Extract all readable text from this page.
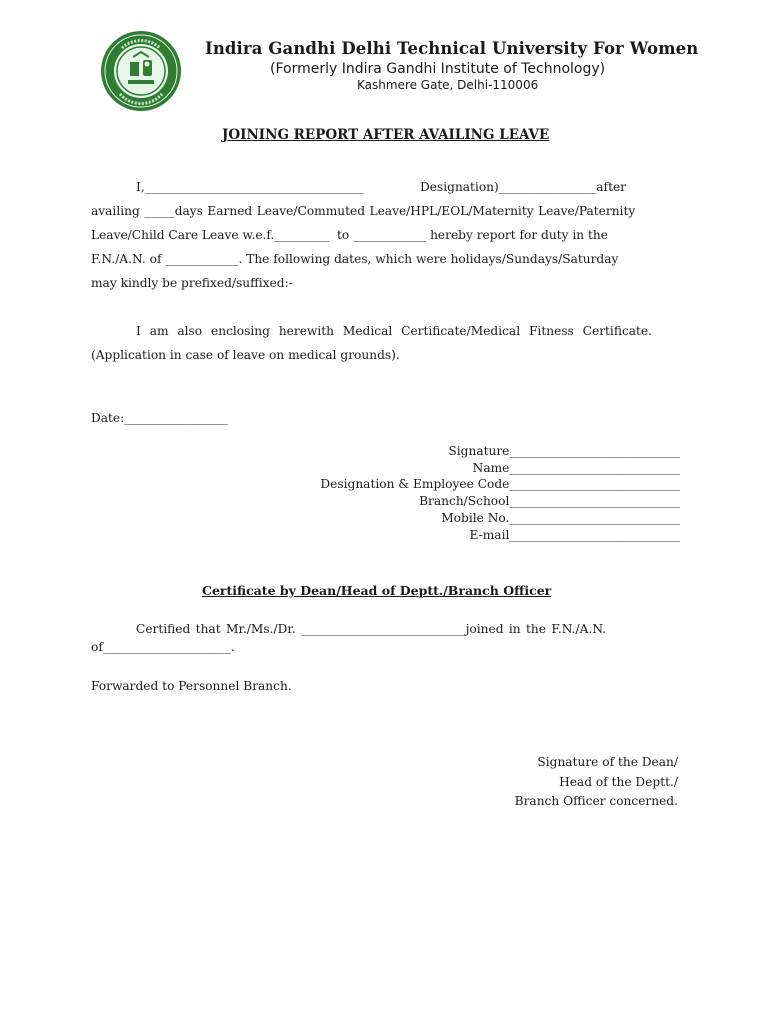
Indira Gandhi Delhi Technical University For Women
(Formerly Indira Gandhi Institute of Technology)
Kashmere Gate, Delhi-110006
JOINING REPORT AFTER AVAILING LEAVE
I,____________________________________	Designation)________________after
availing _____days Earned Leave/Commuted Leave/HPL/EOL/Maternity Leave/Paternity
Leave/Child Care Leave w.e.f._________  to ____________ hereby report for duty in the
F.N./A.N. of ____________. The following dates, which were holidays/Sundays/Saturday
may kindly be prefixed/suffixed:-
I am also enclosing herewith Medical Certificate/Medical Fitness Certificate.
(Application in case of leave on medical grounds).
Date:_________________
Signature____________________________
Name____________________________
Designation & Employee Code____________________________
Branch/School____________________________
Mobile No.____________________________
E-mail____________________________
Certificate by Dean/Head of Deptt./Branch Officer
Certified that Mr./Ms./Dr. ___________________________joined in the F.N./A.N.
of_____________________.
Forwarded to Personnel Branch.
Signature of the Dean/
Head of the Deptt./
Branch Officer concerned.
